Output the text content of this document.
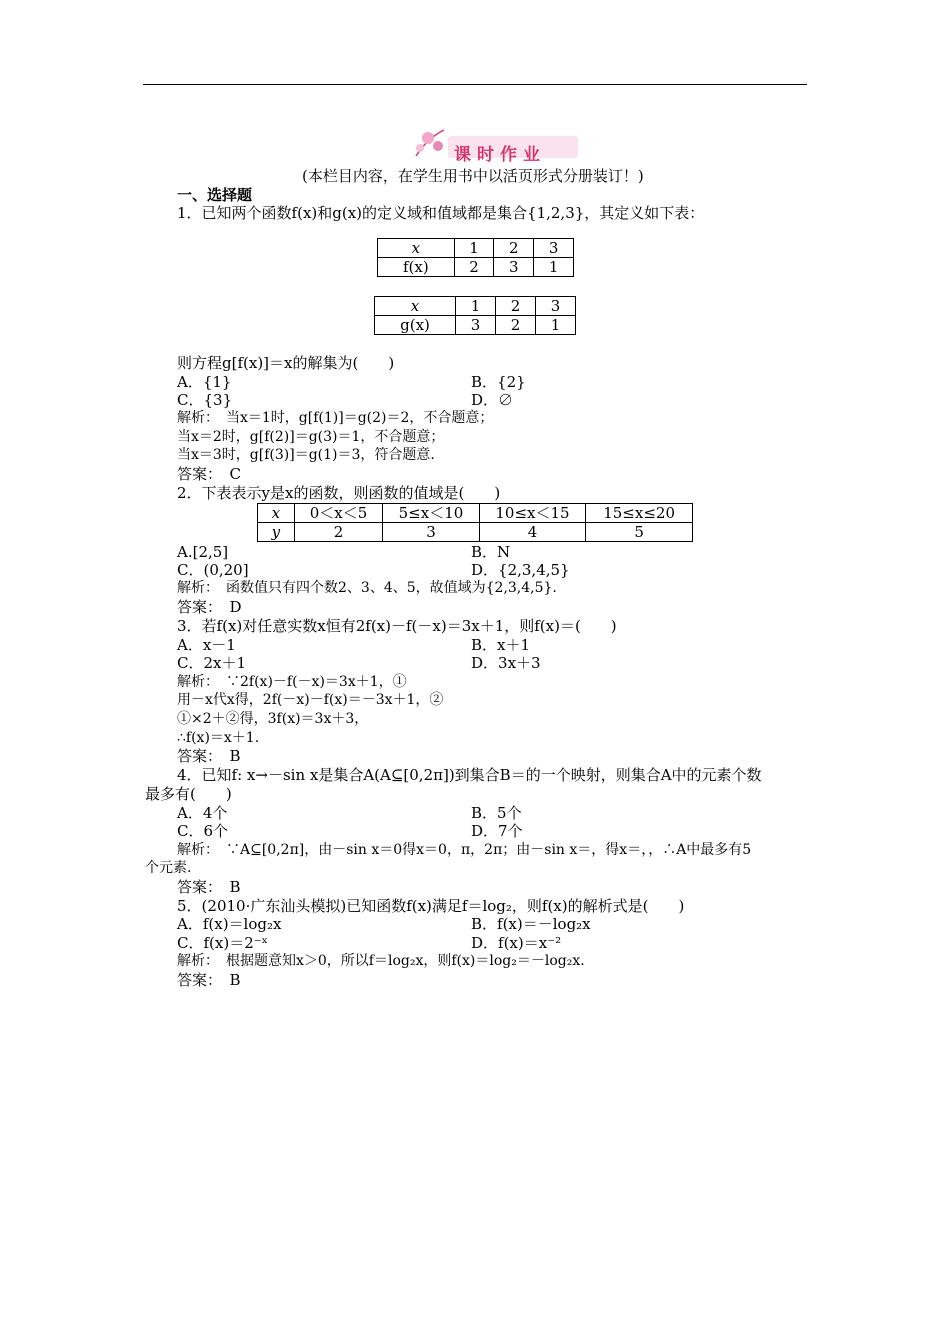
课时作业
(本栏目内容，在学生用书中以活页形式分册装订！)
一、选择题
1．已知两个函数f(x)和g(x)的定义域和值域都是集合{1,2,3}，其定义如下表：
x	1	2	3
f(x)	2	3	1
x	1	2	3
g(x)	3	2	1
则方程g[f(x)]＝x的解集为(　　)
A．{1}	B．{2}
C．{3}	D．∅
解析：　当x＝1时，g[f(1)]＝g(2)＝2，不合题意；
当x＝2时，g[f(2)]＝g(3)＝1，不合题意；
当x＝3时，g[f(3)]＝g(1)＝3，符合题意.
答案：　C
2．下表表示y是x的函数，则函数的值域是(　　)
x	0＜x＜5	5≤x＜10	10≤x＜15	15≤x≤20
y	2	3	4	5
A.[2,5]	B．N
C．(0,20]	D．{2,3,4,5}
解析：　函数值只有四个数2、3、4、5，故值域为{2,3,4,5}.
答案：　D
3．若f(x)对任意实数x恒有2f(x)－f(－x)＝3x＋1，则f(x)＝(　　)
A．x－1	B．x＋1
C．2x＋1	D．3x＋3
解析：　∵2f(x)－f(－x)＝3x＋1，①
用－x代x得，2f(－x)－f(x)＝－3x＋1，②
①×2＋②得，3f(x)＝3x＋3，
∴f(x)＝x＋1.
答案：　B
4．已知f: x→－sin x是集合A(A⊆[0,2π])到集合B＝的一个映射，则集合A中的元素个数
最多有(　　)
A．4个	B．5个
C．6个	D．7个
解析：　∵A⊆[0,2π]，由－sin x＝0得x＝0，π，2π；由－sin x＝，得x＝，，∴A中最多有5
个元素.
答案：　B
5．(2010·广东汕头模拟)已知函数f(x)满足f＝log₂，则f(x)的解析式是(　　)
A．f(x)＝log₂x	B．f(x)＝－log₂x
C．f(x)＝2⁻ˣ	D．f(x)＝x⁻²
解析：　根据题意知x＞0，所以f＝log₂x，则f(x)＝log₂＝－log₂x.
答案：　B
